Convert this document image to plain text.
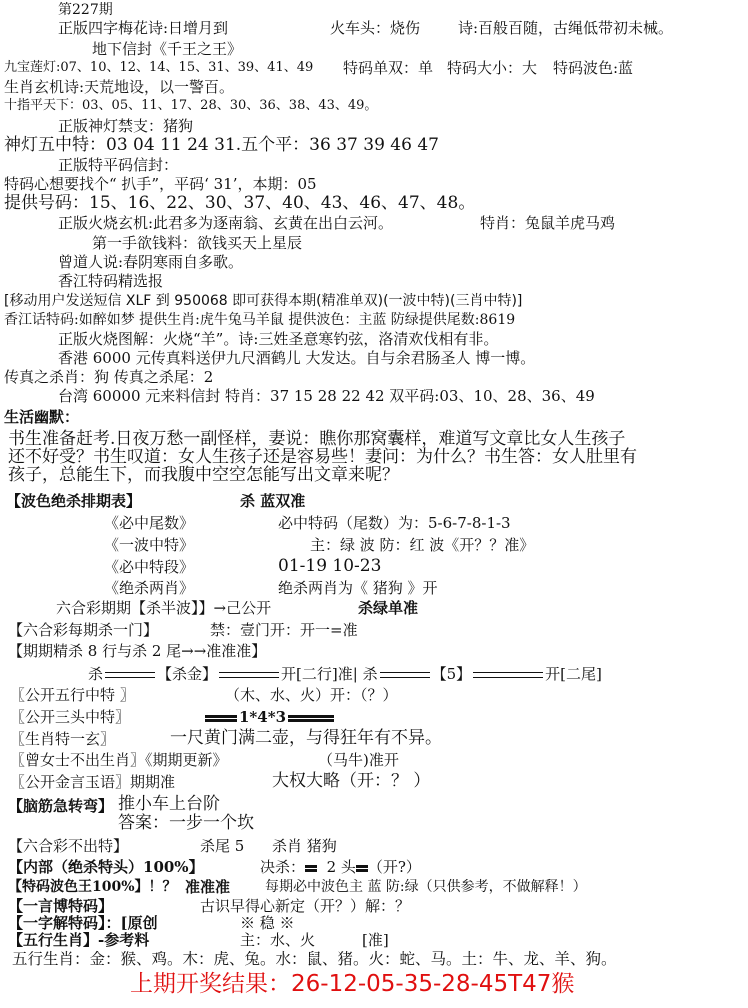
第227期
正版四字梅花诗:日增月到	火车头：烧伤	诗:百般百随，古绳低带初未械。
地下信封《千王之王》
九宝莲灯:07、10、12、14、15、31、39、41、49 特码单双：单 特码大小：大 特码波色:蓝
生肖玄机诗:天荒地设，以一警百。
十指平天下：03、05、11、17、28、30、36、38、43、49。
正版神灯禁支：猪狗
神灯五中特：03 04 11 24 31.五个平：36 37 39 46 47
正版特平码信封：
特码心想要找个“ 扒手”，平码‘ 31’，本期：05
提供号码：15、16、22、30、37、40、43、46、47、48。
正版火烧玄机:此君多为逐南翁、玄黄在出白云河。	特肖：兔鼠羊虎马鸡
第一手欲钱料：欲钱买天上星辰
曾道人说:春阴寒雨自多歌。
香江特码精选报
[移动用户发送短信 XLF 到 950068 即可获得本期(精准单双)(一波中特)(三肖中特)]
香江话特码:如醉如梦 提供生肖:虎牛兔马羊鼠 提供波色：主蓝 防绿提供尾数:8619
正版火烧图解：火烧“羊”。诗:三姓圣意寒钓弦，洛清欢伐相有非。
香港 6000 元传真料送伊九尺酒鹤儿 大发达。自与余君肠圣人 博一博。
传真之杀肖：狗 传真之杀尾：2
台湾 60000 元来料信封 特肖：37 15 28 22 42 双平码:03、10、28、36、49
生活幽默：
书生准备赶考.日夜万愁一副怪样，妻说：瞧你那窝囊样，难道写文章比女人生孩子
还不好受？书生叹道：女人生孩子还是容易些！妻问：为什么？书生答：女人肚里有
孩子，总能生下，而我腹中空空怎能写出文章来呢？
【波色绝杀排期表】	杀 蓝双准
《必中尾数》	必中特码（尾数）为：5-6-7-8-1-3
《一波中特》	主：绿 波 防：红 波《开？？准》
《必中特段》	01-19 10-23
《绝杀两肖》	绝杀两肖为《 猪狗 》开
六合彩期期【杀半波】】→己公开	杀绿单准
【六合彩每期杀一门】	禁：壹门开：开一=准
【期期精杀 8 行与杀 2 尾→→准准准】
杀	【杀金】	开[二行]准| 杀	【5】	开[二尾]
〖公开五行中特 〗	（木、水、火）开：（？）
〖公开三头中特〗	1*4*3
〖生肖特一玄〗	一尺黄门满二壶，与得狂年有不异。
〖曾女士不出生肖〗《期期更新》	（马牛)准开
〖公开金言玉语〗期期准	大权大略（开：？ ）
【脑筋急转弯】 推小车上台阶
答案：一步一个坎
【六合彩不出特】	杀尾 5 杀肖 猪狗
【内部（绝杀特头）100%】	决杀： 2 头 （开?）
【特码波色王100%】！？ 准准准 每期必中波色主 蓝 防:绿（只供参考，不做解释！）
【一言博特码】	古识早得心新定（开？）解：？
【一字解特码】：[原创	※ 稳 ※
【五行生肖】-参考料	主：水、火	[准]
五行生肖：金：猴、鸡。木：虎、兔。水：鼠、猪。火：蛇、马。土：牛、龙、羊、狗。
上期开奖结果：26-12-05-35-28-45T47猴
